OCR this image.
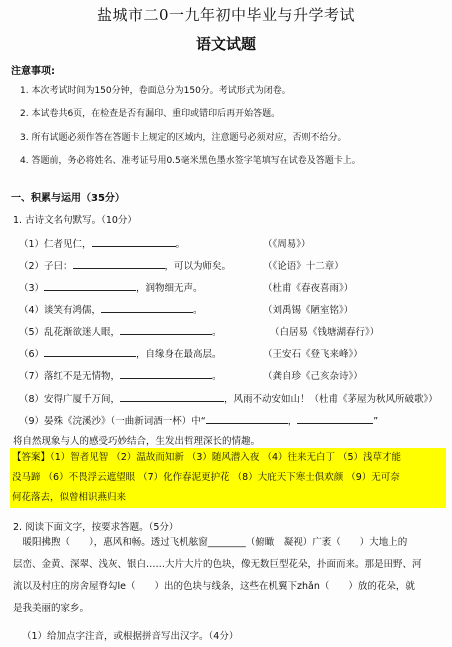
盐城市二0一九年初中毕业与升学考试
语文试题
注意事项:
1. 本次考试时间为150分钟，卷面总分为150分。考试形式为闭卷。
2. 本试卷共6页，在检查是否有漏印、重印或错印后再开始答题。
3. 所有试题必须作答在答题卡上规定的区域内，注意题号必须对应，否则不给分。
4. 答题前，务必将姓名、准考证号用0.5毫米黑色墨水签字笔填写在试卷及答题卡上。
一、积累与运用（35分）
1. 古诗文名句默写。（10分）
（1）仁者见仁，	。	（《周易》）
（2）子曰：	，可以为师矣。	（《论语》十二章）
（3）	，润物细无声。	（杜甫《春夜喜雨》）
（4）谈笑有鸿儒，	。	（刘禹锡《陋室铭》）
（5）乱花渐欲迷人眼，	。	（白居易《钱塘湖春行》）
（6）	，自缘身在最高层。	（王安石《登飞来峰》）
（7）落红不是无情物，	。	（龚自珍《己亥杂诗》）
（8）安得广厦千万间，	，风雨不动安如山！（杜甫《茅屋为秋风所破歌》）
（9）晏殊《浣溪沙》（一曲新词酒一杯）中“	，	”
将自然现象与人的感受巧妙结合，生发出哲理深长的情趣。
【答案】（1）智者见智 （2）温故而知新 （3）随风潜入夜 （4）往来无白丁 （5）浅草才能
没马蹄 （6）不畏浮云遮望眼 （7）化作春泥更护花 （8）大庇天下寒士俱欢颜 （9）无可奈
何花落去，似曾相识燕归来
2. 阅读下面文字，按要求答题。（5分）
　暖阳拂煦（　　），惠风和畅。透过飞机舷窗________（俯瞰　凝视）广袤（　　）大地上的
层峦、金黄、深翠、浅灰、银白……大片大片的色块，像无数巨型花朵，扑面而来。那是田野、河
流以及村庄的房舍屋脊勾le（　　）出的色块与线条，这些在机翼下zhǎn（　　）放的花朵，就
是我美丽的家乡。
（1）给加点字注音，或根据拼音写出汉字。（4分）
